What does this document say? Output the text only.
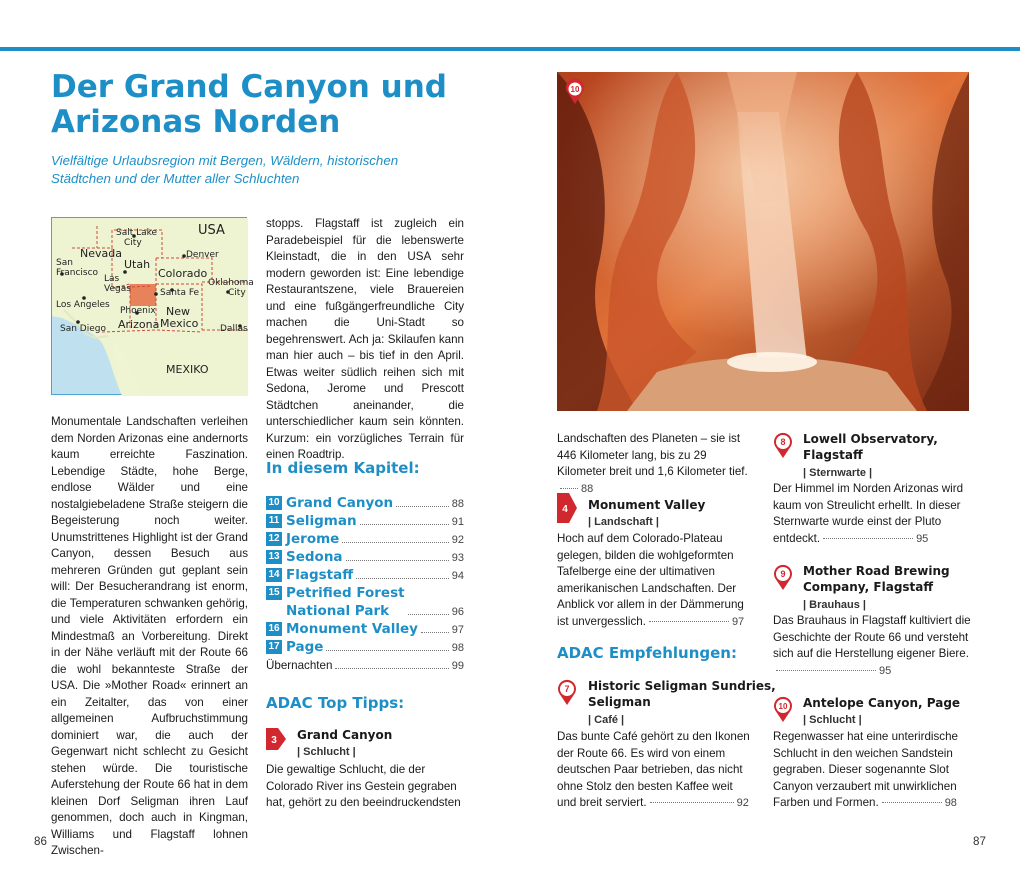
Der Grand Canyon und
Arizonas Norden
Vielfältige Urlaubsregion mit Bergen, Wäldern, historischen Städtchen und der Mutter aller Schluchten
USA
Salt Lake
City
Nevada
Utah
Denver
San
Francisco
Las
Vegas
Colorado
Oklahoma
City
Santa Fe
Los Angeles
Phoenix New
Mexico
San Diego Arizona	Dallas
MEXIKO

Monumentale Landschaften verleihen dem Norden Arizonas eine andernorts kaum erreichte Faszination. Lebendige Städte, hohe Berge, endlose Wälder und eine nostalgiebeladene Straße steigern die Begeisterung noch weiter. Unumstrittenes Highlight ist der Grand Canyon, dessen Besuch aus mehreren Gründen gut geplant sein will: Der Besucherandrang ist enorm, die Temperaturen schwanken gehörig, und viele Aktivitäten erfordern ein Mindestmaß an Vorbereitung. Direkt in der Nähe verläuft mit der Route 66 die wohl bekannteste Straße der USA. Die »Mother Road« erinnert an ein Zeitalter, das von einer allgemeinen Aufbruchstimmung dominiert war, die auch der Gegenwart nicht schlecht zu Gesicht stehen würde. Die touristische Auferstehung der Route 66 hat in dem kleinen Dorf Seligman ihren Lauf genommen, doch auch in Kingman, Williams und Flagstaff lohnen Zwischen-

stopps. Flagstaff ist zugleich ein Paradebeispiel für die lebenswerte Kleinstadt, die in den USA sehr modern geworden ist: Eine lebendige Restaurantszene, viele Brauereien und eine fußgängerfreundliche City machen die Uni-Stadt so begehrenswert. Ach ja: Skilaufen kann man hier auch – bis tief in den April. Etwas weiter südlich reihen sich mit Sedona, Jerome und Prescott Städtchen aneinander, die unterschiedlicher kaum sein könnten. Kurzum: ein vorzügliches Terrain für einen Roadtrip.

In diesem Kapitel:
10 Grand Canyon	88
11 Seligman	91
12 Jerome	92
13 Sedona	93
14 Flagstaff	94
15 Petrified Forest
National Park	96
16 Monument Valley	97
17 Page	98
Übernachten	99
ADAC Top Tipps:
3 Grand Canyon
| Schlucht |
Die gewaltige Schlucht, die der Colorado River ins Gestein gegraben hat, gehört zu den beeindruckendsten
10
Landschaften des Planeten – sie ist 446 Kilometer lang, bis zu 29 Kilometer breit und 1,6 Kilometer tief.88
4 Monument Valley
| Landschaft |
Hoch auf dem Colorado-Plateau gelegen, bilden die wohlgeformten Tafelberge eine der ultimativen amerikanischen Landschaften. Der Anblick vor allem in der Dämmerung ist unvergesslich.	97
ADAC Empfehlungen:
7 Historic Seligman Sundries,
Seligman
| Café |
Das bunte Café gehört zu den Ikonen der Route 66. Es wird von einem deutschen Paar betrieben, das nicht ohne Stolz den besten Kaffee weit und breit serviert.	92
8 Lowell Observatory,
Flagstaff
| Sternwarte |
Der Himmel im Norden Arizonas wird kaum von Streulicht erhellt. In dieser Sternwarte wurde einst der Pluto entdeckt.	95
9 Mother Road Brewing
Company, Flagstaff
| Brauhaus |
Das Brauhaus in Flagstaff kultiviert die Geschichte der Route 66 und versteht sich auf die Herstellung eigener Biere.95
10 Antelope Canyon, Page
| Schlucht |
Regenwasser hat eine unterirdische Schlucht in den weichen Sandstein gegraben. Dieser sogenannte Slot Canyon verzaubert mit unwirklichen Farben und Formen.	98
86	87
